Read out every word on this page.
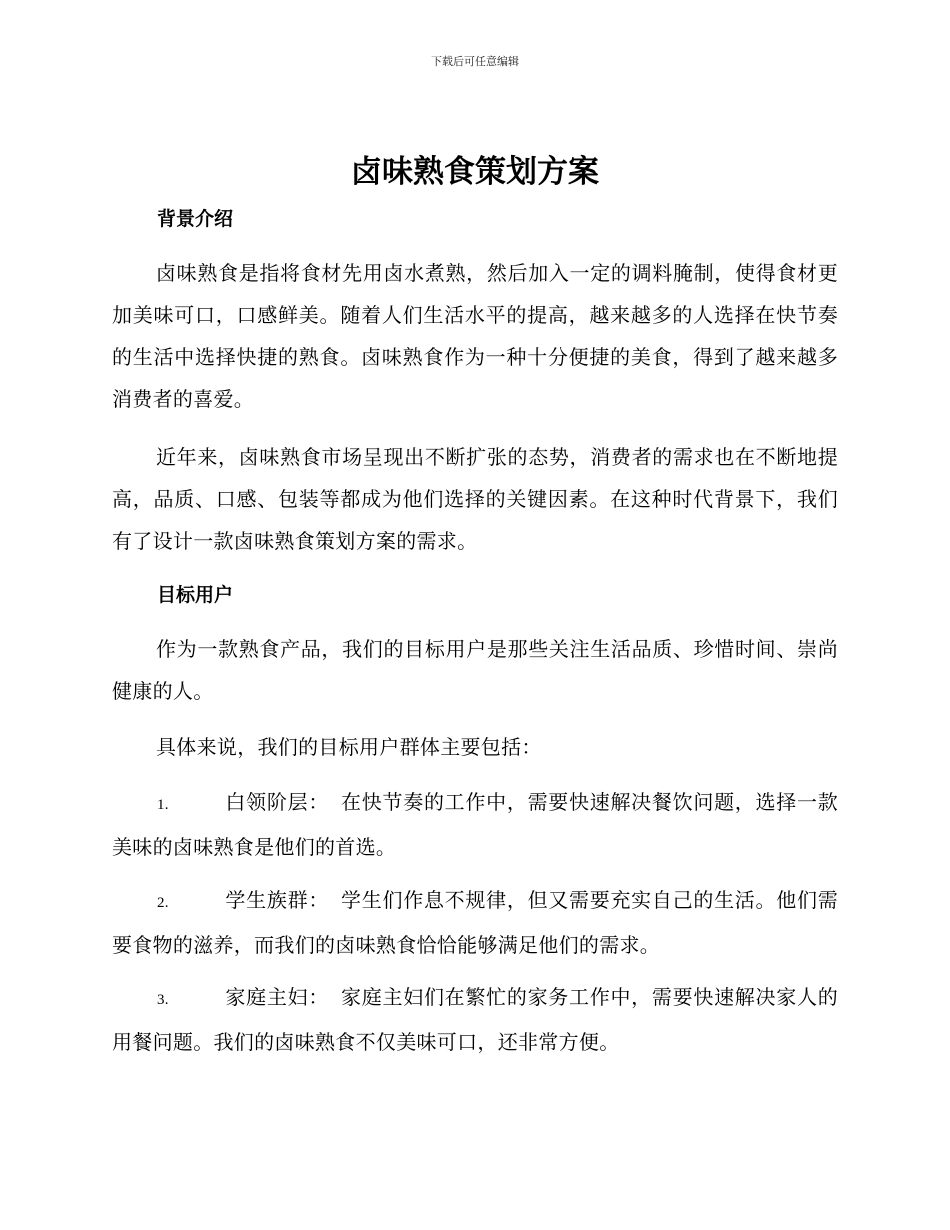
下载后可任意编辑
卤味熟食策划方案
背景介绍

卤味熟食是指将食材先用卤水煮熟，然后加入一定的调料腌制，使得食材更加美味可口，口感鲜美。随着人们生活水平的提高，越来越多的人选择在快节奏的生活中选择快捷的熟食。卤味熟食作为一种十分便捷的美食，得到了越来越多消费者的喜爱。

近年来，卤味熟食市场呈现出不断扩张的态势，消费者的需求也在不断地提高，品质、口感、包装等都成为他们选择的关键因素。在这种时代背景下，我们有了设计一款卤味熟食策划方案的需求。

目标用户

作为一款熟食产品，我们的目标用户是那些关注生活品质、珍惜时间、崇尚健康的人。

具体来说，我们的目标用户群体主要包括：

1.	白领阶层： 在快节奏的工作中，需要快速解决餐饮问题，选择一款美味的卤味熟食是他们的首选。

2.	学生族群： 学生们作息不规律，但又需要充实自己的生活。他们需要食物的滋养，而我们的卤味熟食恰恰能够满足他们的需求。

3.	家庭主妇： 家庭主妇们在繁忙的家务工作中，需要快速解决家人的用餐问题。我们的卤味熟食不仅美味可口，还非常方便。
